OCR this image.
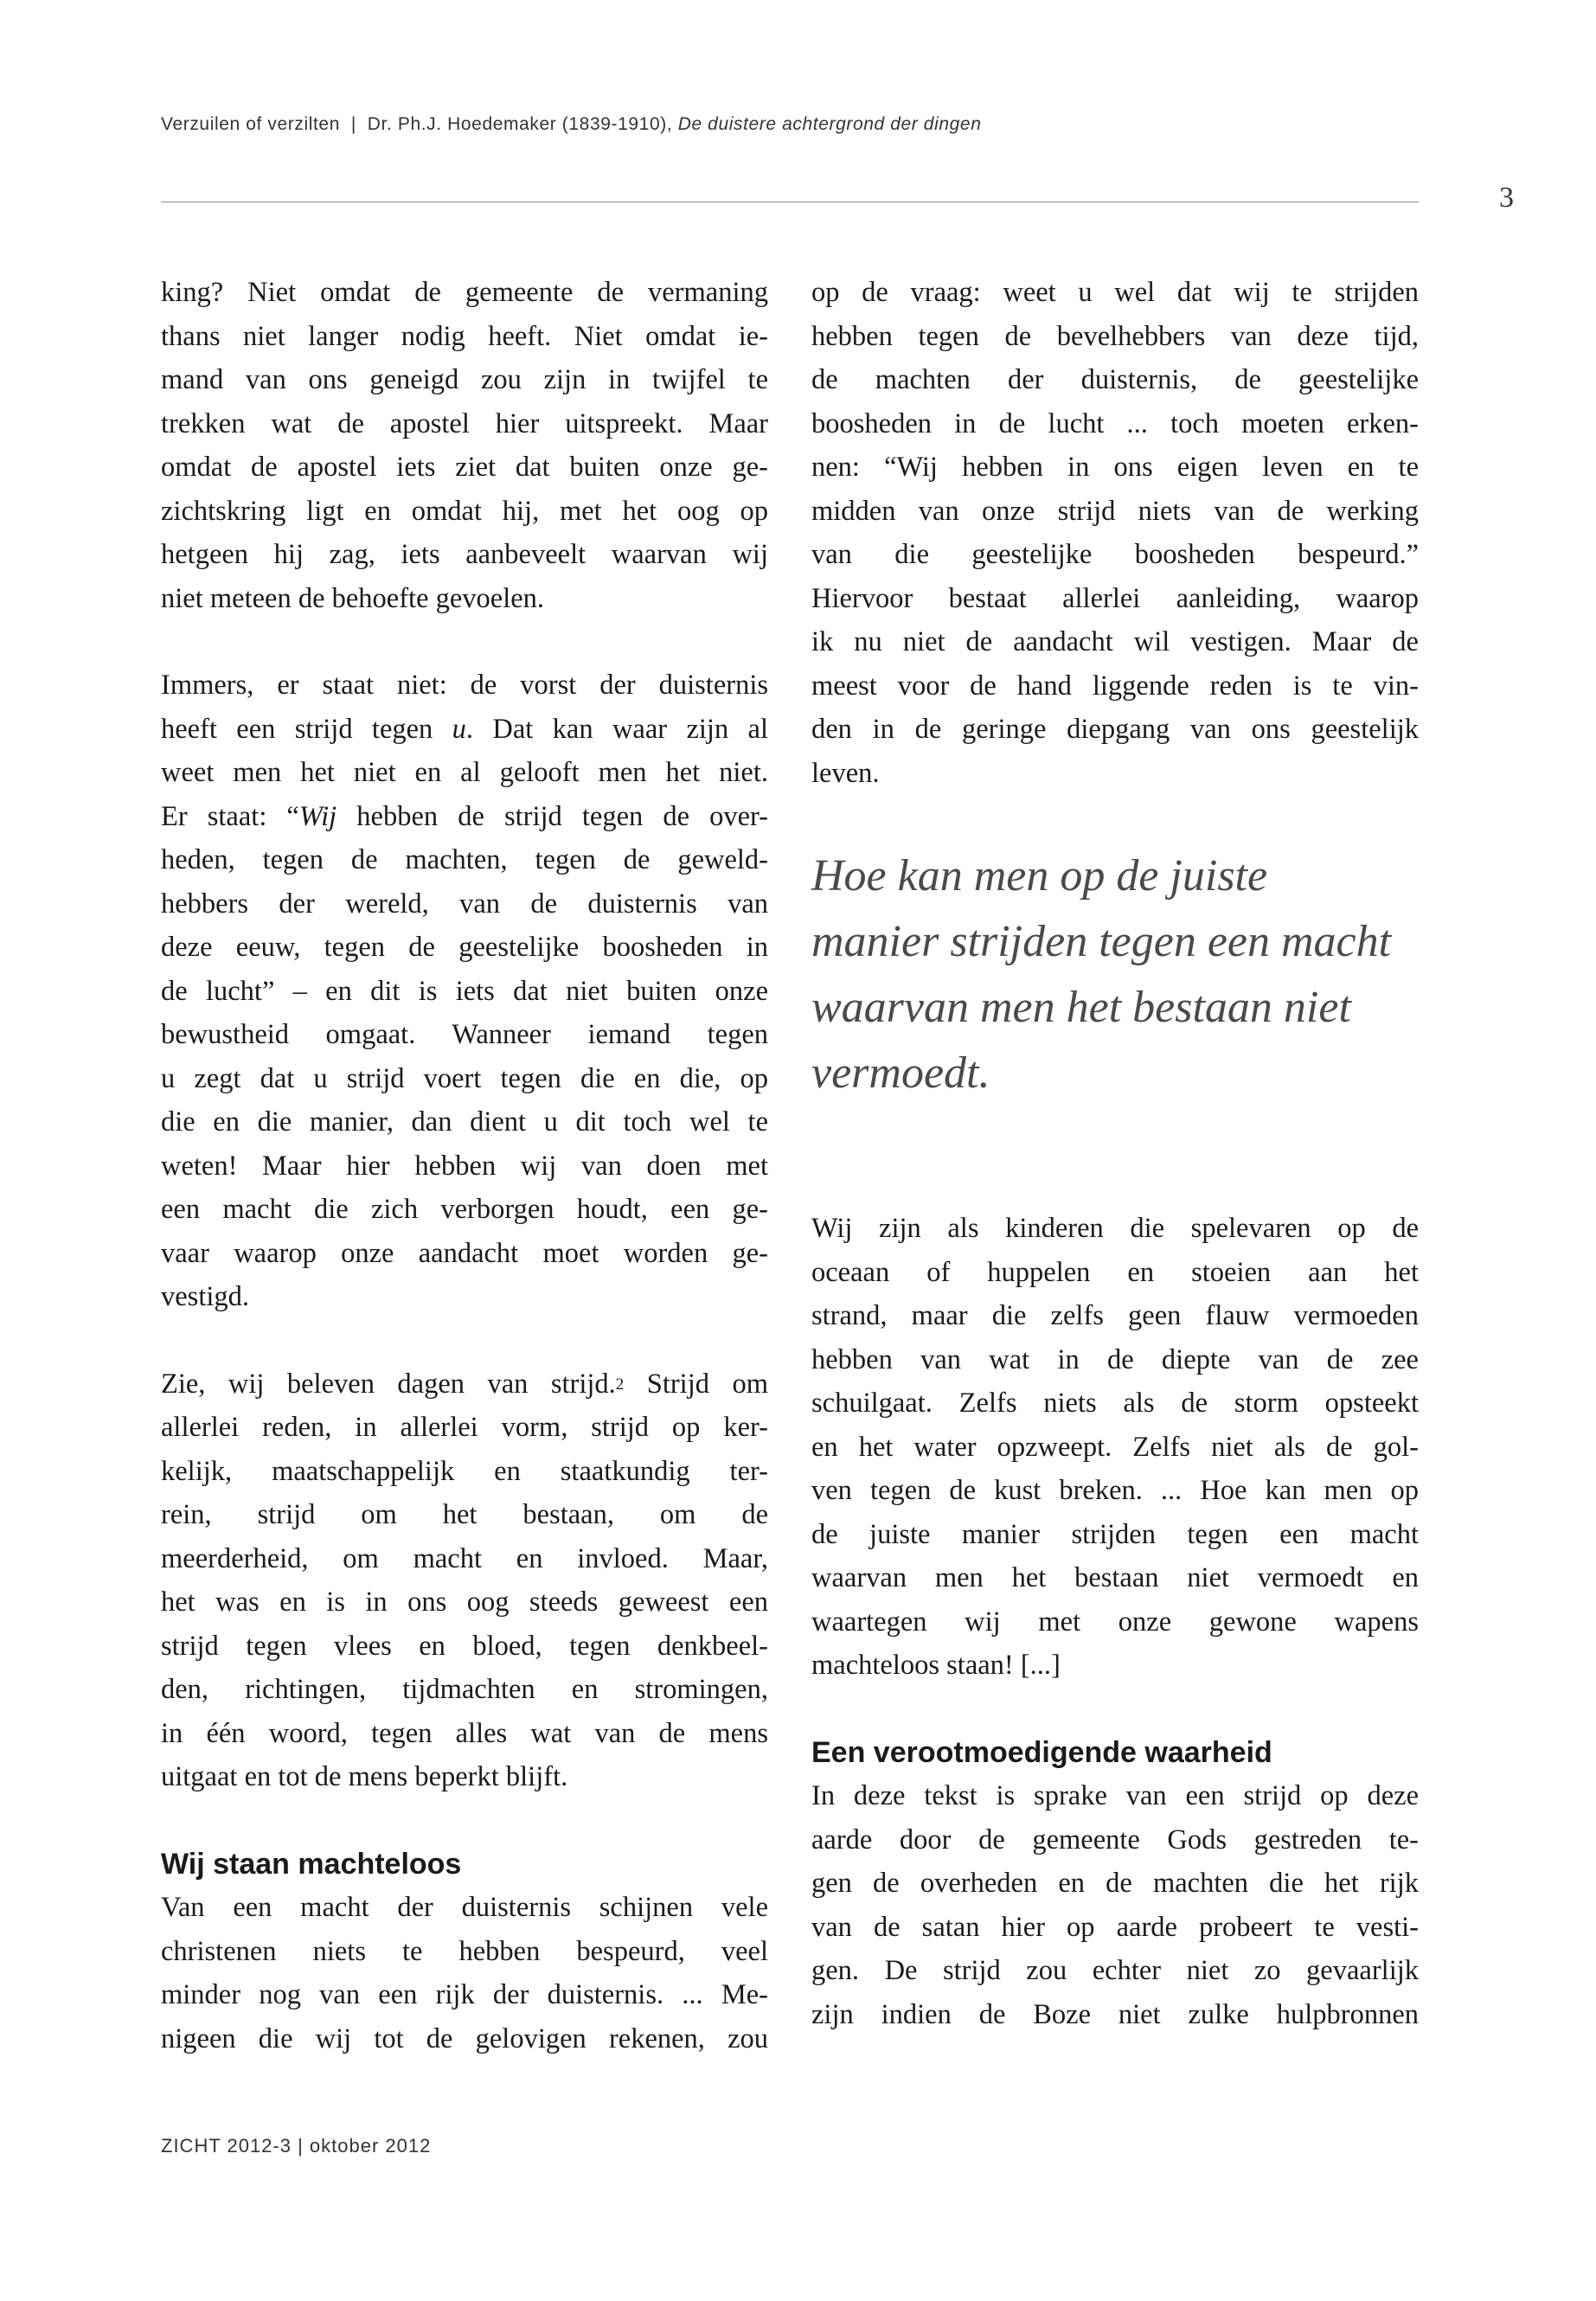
Verzuilen of verzilten | Dr. Ph.J. Hoedemaker (1839-1910), De duistere achtergrond der dingen
3
king? Niet omdat de gemeente de vermaning
thans niet langer nodig heeft. Niet omdat ie-
mand van ons geneigd zou zijn in twijfel te
trekken wat de apostel hier uitspreekt. Maar
omdat de apostel iets ziet dat buiten onze ge-
zichtskring ligt en omdat hij, met het oog op
hetgeen hij zag, iets aanbeveelt waarvan wij
niet meteen de behoefte gevoelen.
Immers, er staat niet: de vorst der duisternis
heeft een strijd tegen u. Dat kan waar zijn al
weet men het niet en al gelooft men het niet.
Er staat: “Wij hebben de strijd tegen de over-
heden, tegen de machten, tegen de geweld-
hebbers der wereld, van de duisternis van
deze eeuw, tegen de geestelijke boosheden in
de lucht” – en dit is iets dat niet buiten onze
bewustheid omgaat. Wanneer iemand tegen
u zegt dat u strijd voert tegen die en die, op
die en die manier, dan dient u dit toch wel te
weten! Maar hier hebben wij van doen met
een macht die zich verborgen houdt, een ge-
vaar waarop onze aandacht moet worden ge-
vestigd.
Zie, wij beleven dagen van strijd.$^2$ Strijd om
allerlei reden, in allerlei vorm, strijd op ker-
kelijk, maatschappelijk en staatkundig ter-
rein, strijd om het bestaan, om de
meerderheid, om macht en invloed. Maar,
het was en is in ons oog steeds geweest een
strijd tegen vlees en bloed, tegen denkbeel-
den, richtingen, tijdmachten en stromingen,
in één woord, tegen alles wat van de mens
uitgaat en tot de mens beperkt blijft.
Wij staan machteloos
Van een macht der duisternis schijnen vele
christenen niets te hebben bespeurd, veel
minder nog van een rijk der duisternis. ... Me-
nigeen die wij tot de gelovigen rekenen, zou
op de vraag: weet u wel dat wij te strijden
hebben tegen de bevelhebbers van deze tijd,
de machten der duisternis, de geestelijke
boosheden in de lucht ... toch moeten erken-
nen: “Wij hebben in ons eigen leven en te
midden van onze strijd niets van de werking
van die geestelijke boosheden bespeurd.”
Hiervoor bestaat allerlei aanleiding, waarop
ik nu niet de aandacht wil vestigen. Maar de
meest voor de hand liggende reden is te vin-
den in de geringe diepgang van ons geestelijk
leven.
Hoe kan men op de juiste
manier strijden tegen een macht
waarvan men het bestaan niet
vermoedt.
Wij zijn als kinderen die spelevaren op de
oceaan of huppelen en stoeien aan het
strand, maar die zelfs geen flauw vermoeden
hebben van wat in de diepte van de zee
schuilgaat. Zelfs niets als de storm opsteekt
en het water opzweept. Zelfs niet als de gol-
ven tegen de kust breken. ... Hoe kan men op
de juiste manier strijden tegen een macht
waarvan men het bestaan niet vermoedt en
waartegen wij met onze gewone wapens
machteloos staan! [...]
Een verootmoedigende waarheid
In deze tekst is sprake van een strijd op deze
aarde door de gemeente Gods gestreden te-
gen de overheden en de machten die het rijk
van de satan hier op aarde probeert te vesti-
gen. De strijd zou echter niet zo gevaarlijk
zijn indien de Boze niet zulke hulpbronnen
ZICHT 2012-3 | oktober 2012
